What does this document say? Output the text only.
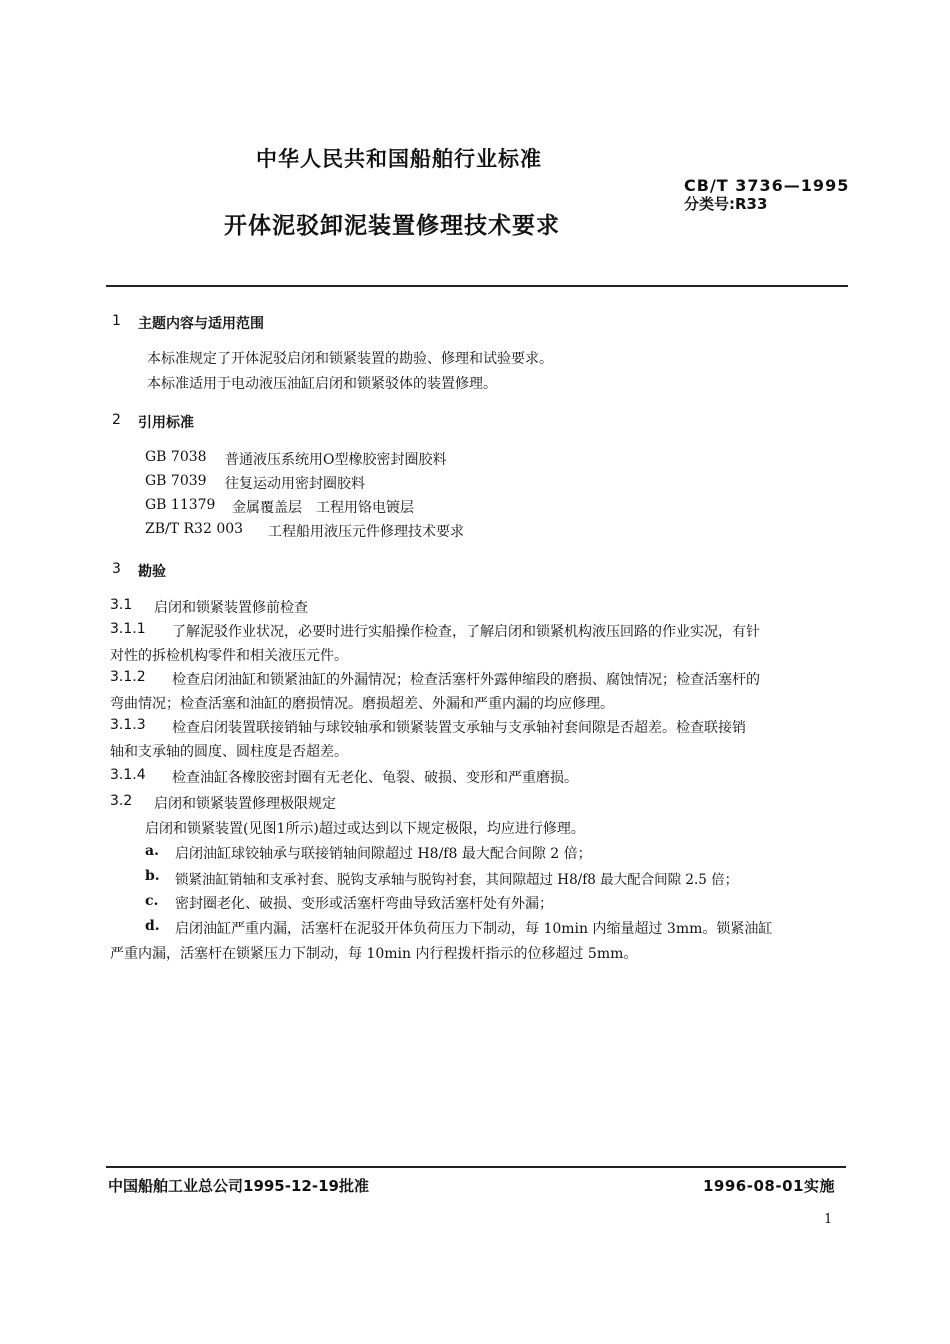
中华人民共和国船舶行业标准
CB/T 3736—1995
分类号:R33
开体泥驳卸泥装置修理技术要求
1 主题内容与适用范围
本标准规定了开体泥驳启闭和锁紧装置的勘验、修理和试验要求。
本标准适用于电动液压油缸启闭和锁紧驳体的装置修理。
2 引用标准
GB 7038 普通液压系统用O型橡胶密封圈胶料
GB 7039 往复运动用密封圈胶料
GB 11379 金属覆盖层　工程用铬电镀层
ZB/T R32 003 工程船用液压元件修理技术要求
3 勘验
3.1 启闭和锁紧装置修前检查
3.1.1 了解泥驳作业状况，必要时进行实船操作检查，了解启闭和锁紧机构液压回路的作业实况，有针
对性的拆检机构零件和相关液压元件。
3.1.2 检查启闭油缸和锁紧油缸的外漏情况；检查活塞杆外露伸缩段的磨损、腐蚀情况；检查活塞杆的
弯曲情况；检查活塞和油缸的磨损情况。磨损超差、外漏和严重内漏的均应修理。
3.1.3 检查启闭装置联接销轴与球铰轴承和锁紧装置支承轴与支承轴衬套间隙是否超差。检查联接销
轴和支承轴的圆度、圆柱度是否超差。
3.1.4 检查油缸各橡胶密封圈有无老化、龟裂、破损、变形和严重磨损。
3.2 启闭和锁紧装置修理极限规定
启闭和锁紧装置(见图1所示)超过或达到以下规定极限，均应进行修理。
a. 启闭油缸球铰轴承与联接销轴间隙超过 H8/f8 最大配合间隙 2 倍；
b. 锁紧油缸销轴和支承衬套、脱钩支承轴与脱钩衬套，其间隙超过 H8/f8 最大配合间隙 2.5 倍；
c. 密封圈老化、破损、变形或活塞杆弯曲导致活塞杆处有外漏；
d. 启闭油缸严重内漏，活塞杆在泥驳开体负荷压力下制动，每 10min 内缩量超过 3mm。锁紧油缸
严重内漏，活塞杆在锁紧压力下制动，每 10min 内行程拨杆指示的位移超过 5mm。
中国船舶工业总公司1995-12-19批准	1996-08-01实施
1
